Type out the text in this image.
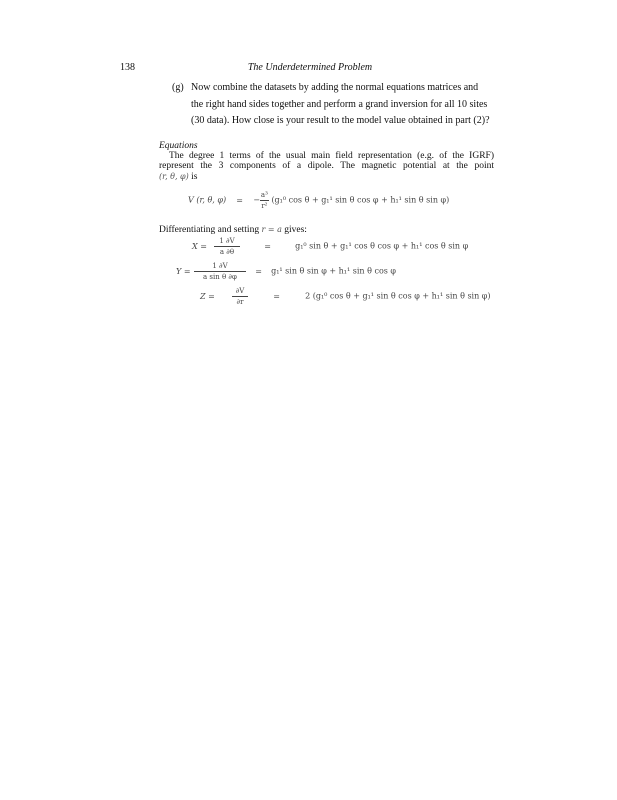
138	The Underdetermined Problem
(g) Now combine the datasets by adding the normal equations matrices and the right hand sides together and perform a grand inversion for all 10 sites (30 data). How close is your result to the model value obtained in part (2)?
Equations
The degree 1 terms of the usual main field representation (e.g. of the IGRF)
represent the 3 components of a dipole. The magnetic potential at the point
(r, θ, φ) is
V (r, θ, φ) = − $\frac{\text{a³}}{\text{r²}} (g_1^0$ cos θ + g₁¹ sin θ cos φ + h₁¹ sin θ sin φ)
Differentiating and setting r = a gives:
$X = \frac{1 \partial V}{a \partial\theta}$	=	g₁⁰ sin θ + g₁¹ cos θ cos φ + h₁¹ cos θ sin φ
$Y = \frac{1 \partial V}{\text{a sin θ ∂φ}} = g_1^1$ sin θ sin φ + h₁¹ sin θ cos φ
$Z = \frac{\partial V}{\partial r}$	=	2 (g₁⁰ cos θ + g₁¹ sin θ cos φ + h₁¹ sin θ sin φ)
